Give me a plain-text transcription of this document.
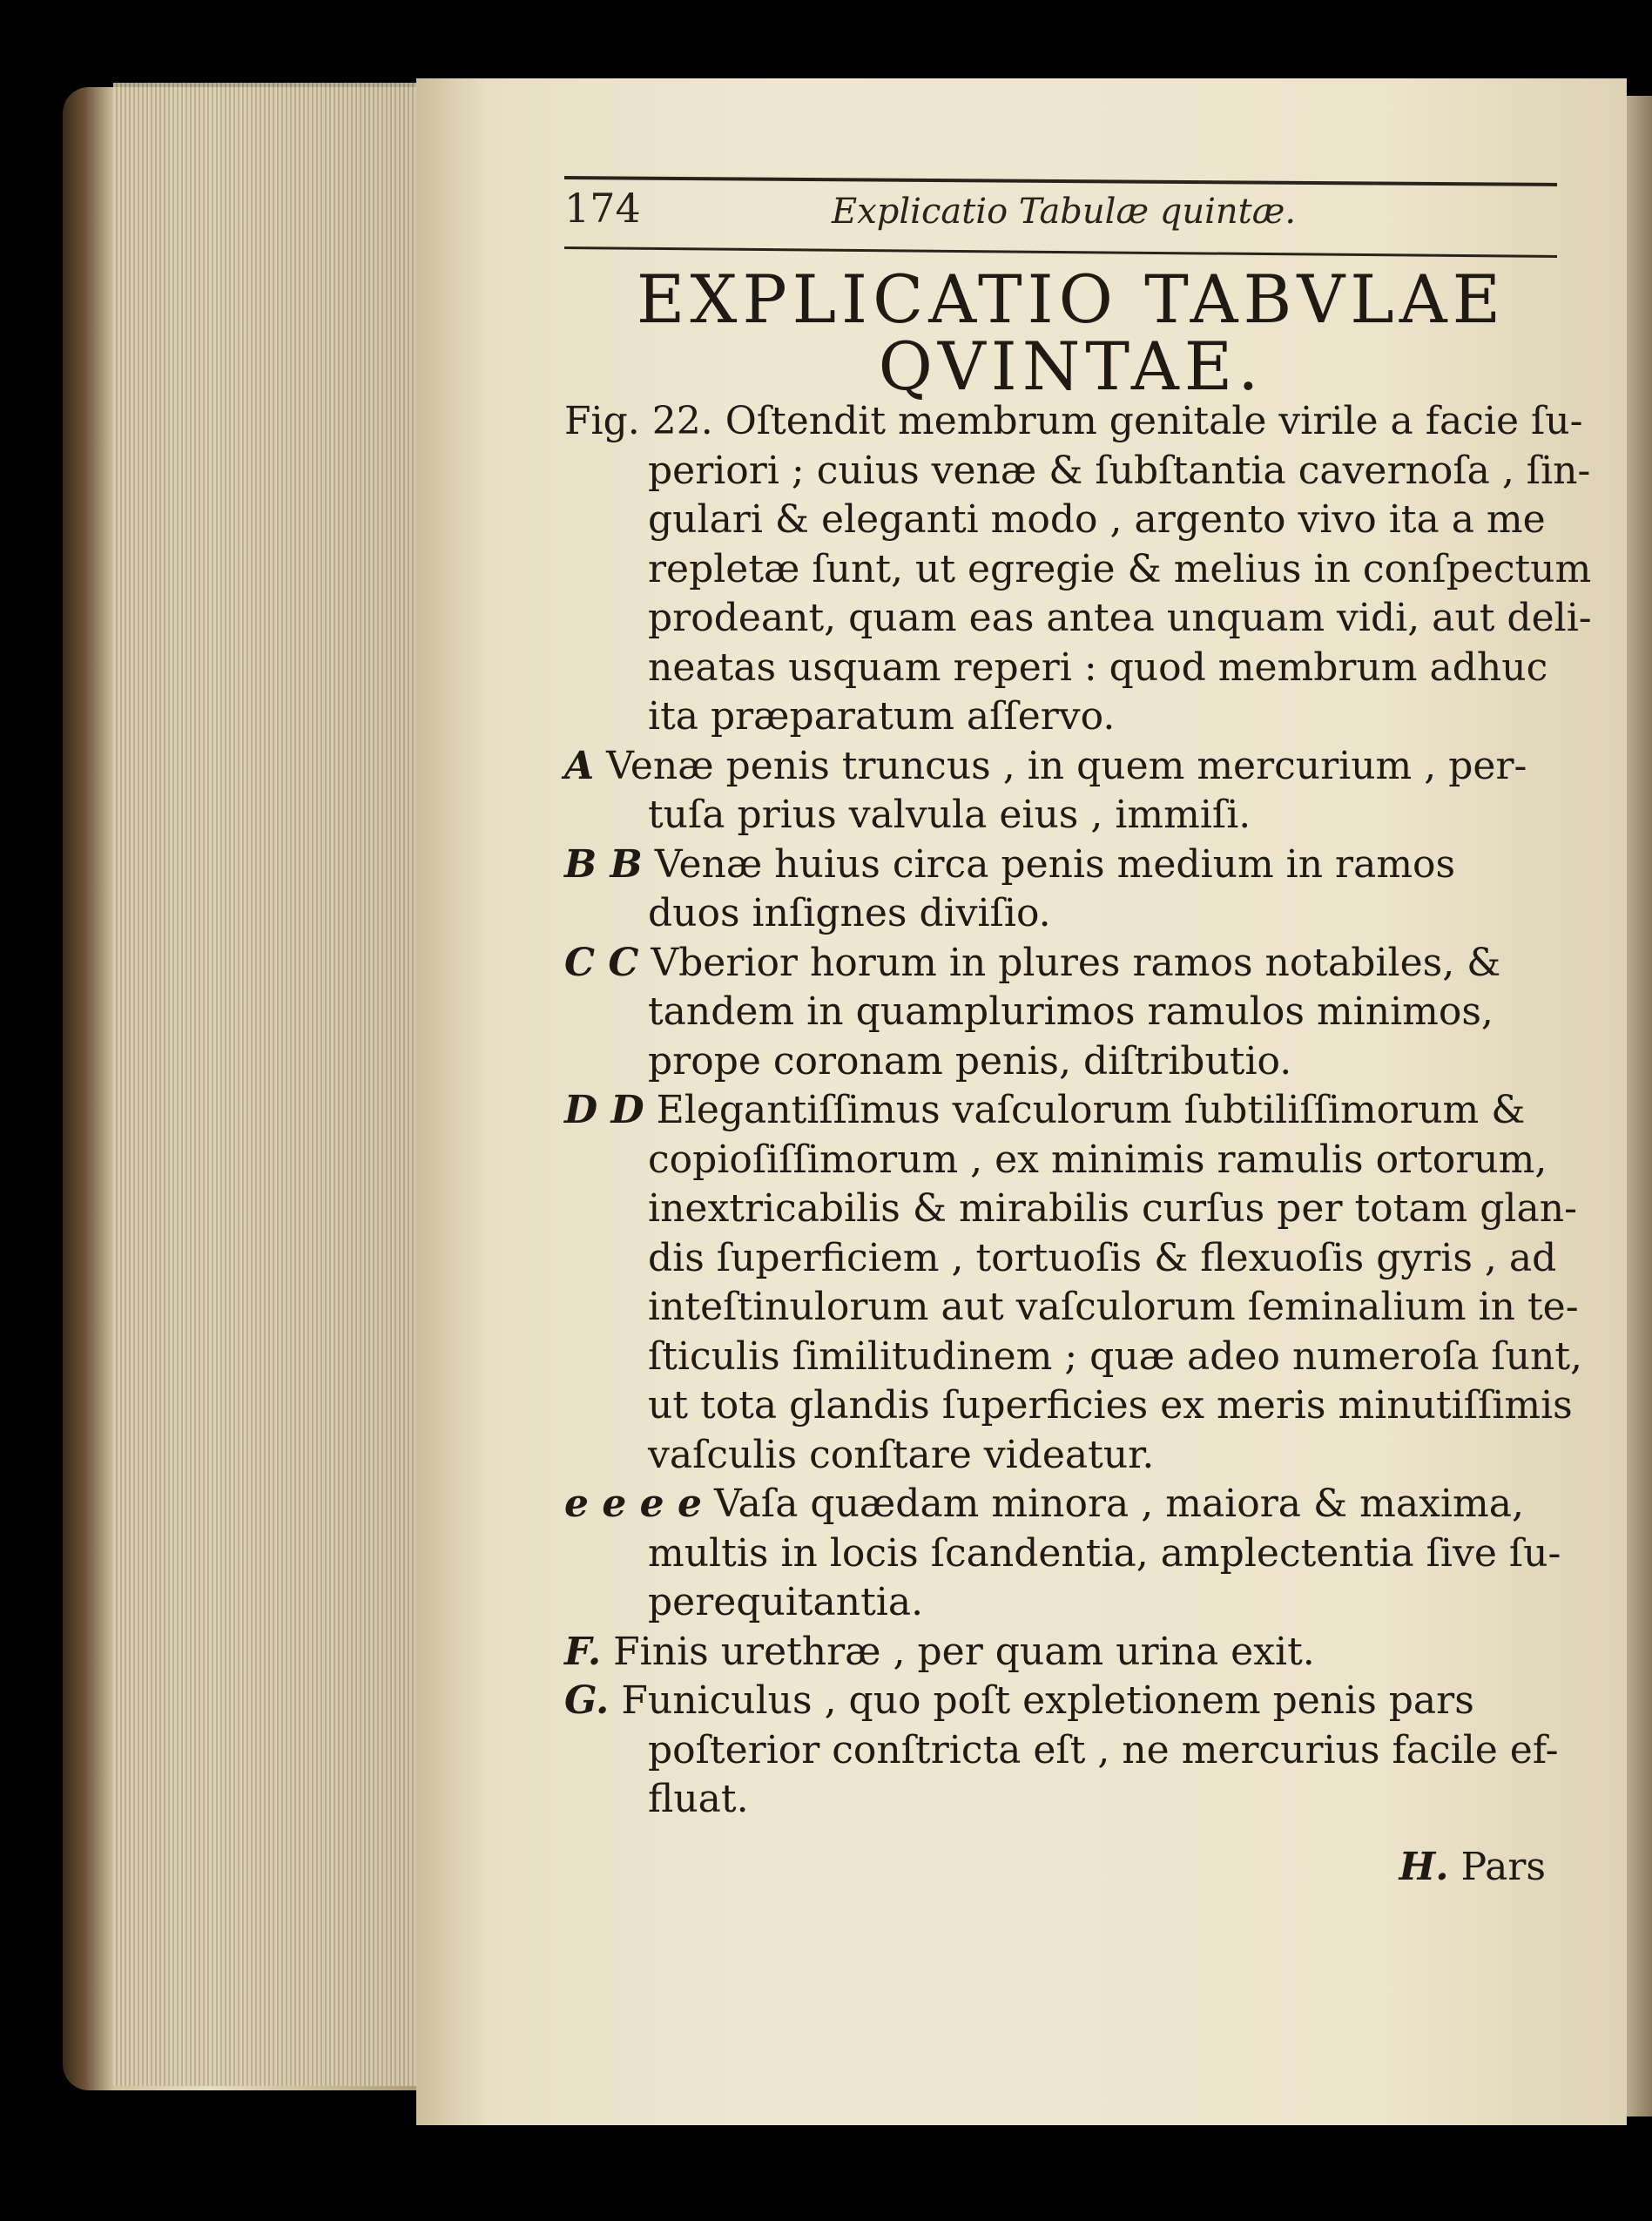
174	Explicatio Tabulæ quintæ.
EXPLICATIO TABVLAE
QVINTAE.
Fig. 22. Oſtendit membrum genitale virile a facie ſu-
periori ; cuius venæ & ſubſtantia cavernoſa , ſin-
gulari & eleganti modo , argento vivo ita a me
repletæ ſunt, ut egregie & melius in conſpectum
prodeant, quam eas antea unquam vidi, aut deli-
neatas usquam reperi : quod membrum adhuc
ita præparatum aſſervo.
A Venæ penis truncus , in quem mercurium , per-
tuſa prius valvula eius , immiſi.
B B Venæ huius circa penis medium in ramos
duos inſignes diviſio.
C C Vberior horum in plures ramos notabiles, &
tandem in quamplurimos ramulos minimos,
prope coronam penis, diſtributio.
D D Elegantiſſimus vaſculorum ſubtiliſſimorum &
copioſiſſimorum , ex minimis ramulis ortorum,
inextricabilis & mirabilis curſus per totam glan-
dis ſuperficiem , tortuoſis & flexuoſis gyris , ad
inteſtinulorum aut vaſculorum ſeminalium in te-
ſticulis ſimilitudinem ; quæ adeo numeroſa ſunt,
ut tota glandis ſuperficies ex meris minutiſſimis
vaſculis conſtare videatur.
e e e e Vaſa quædam minora , maiora & maxima,
multis in locis ſcandentia, amplectentia ſive ſu-
perequitantia.
F. Finis urethræ , per quam urina exit.
G. Funiculus , quo poſt expletionem penis pars
poſterior conſtricta eſt , ne mercurius facile ef-
fluat.
H. Pars
